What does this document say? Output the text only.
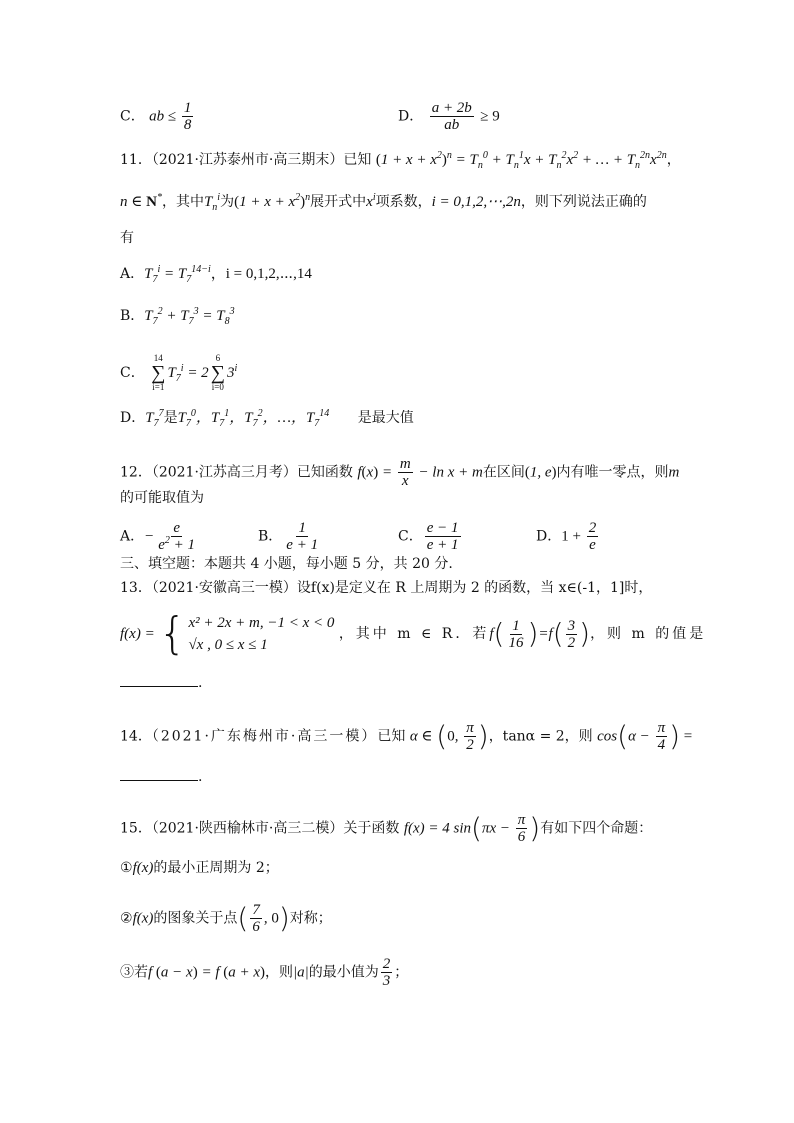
C． ab ≤ $\frac{1}{8}$	D． $\frac{a + 2b}{ab} \ge 9$
11．（2021·江苏泰州市·高三期末）已知 $(1 + x + x^2)^n = T_n^0 + T_n^1x + T_n^2x^2$ + … + $T_n^{2n}x^{2n}$，
n ∈ N*，其中$T_n^i$为$(1 + x + x^2)^n$展开式中$x^i$项系数，i = 0,1,2,⋯,2n，则下列说法正确的
有
A．$T_7^i = T_7^{14-i}$，i = 0,1,2,⋯,14
B．$T_7^2 + T_7^3 = T_8^3$
C．
14
∑
i=1
$T_7^i = 2$
6
∑
i=0
3$^i$
D．$T_7^7$是$T_7^0$，$T_7^1$，$T_7^2$，…，$T_7^{14}$ 是最大值
12．（2021·江苏高三月考）已知函数 $f(x) = \frac{m}{x} - \ln x + m$在区间(1, e)内有唯一零点，则m
的可能取值为
A．− $\frac{e}{e^2 + 1}$	B． $\frac{1}{e + 1}$	C． $\frac{e - 1}{e + 1}$	D．$1 + \frac{2}{e}$
三、填空题：本题共 4 小题，每小题 5 分，共 20 分.
13．（2021·安徽高三一模）设f(x)是定义在 R 上周期为 2 的函数，当 x∈(-1，1]时，
f(x) = { x² + 2x + m, −1 < x < 0
√x , 0 ≤ x ≤ 1
，其中 m ∈ R．若$f( \frac{1}{16} )=f( \frac{3}{2}$ )，则 m 的值是
.
14．（2021·广东梅州市·高三一模）已知 α ∈ (0, $\frac{\pi}{2}$ )，tanα = 2，则 $\cos(\alpha - \frac{\pi}{4}$ ) =
.
15．（2021·陕西榆林市·高三二模）关于函数 f(x) = 4 $\sin(\pi x - \frac{\pi}{6}$ )有如下四个命题：
①f(x)的最小正周期为 2；
②f(x)的图象关于点( $\frac{7}{6}$ , 0)对称；
③若f (a − x) = f (a + x)，则|a|的最小值为 $\frac{2}{3}$ ；
